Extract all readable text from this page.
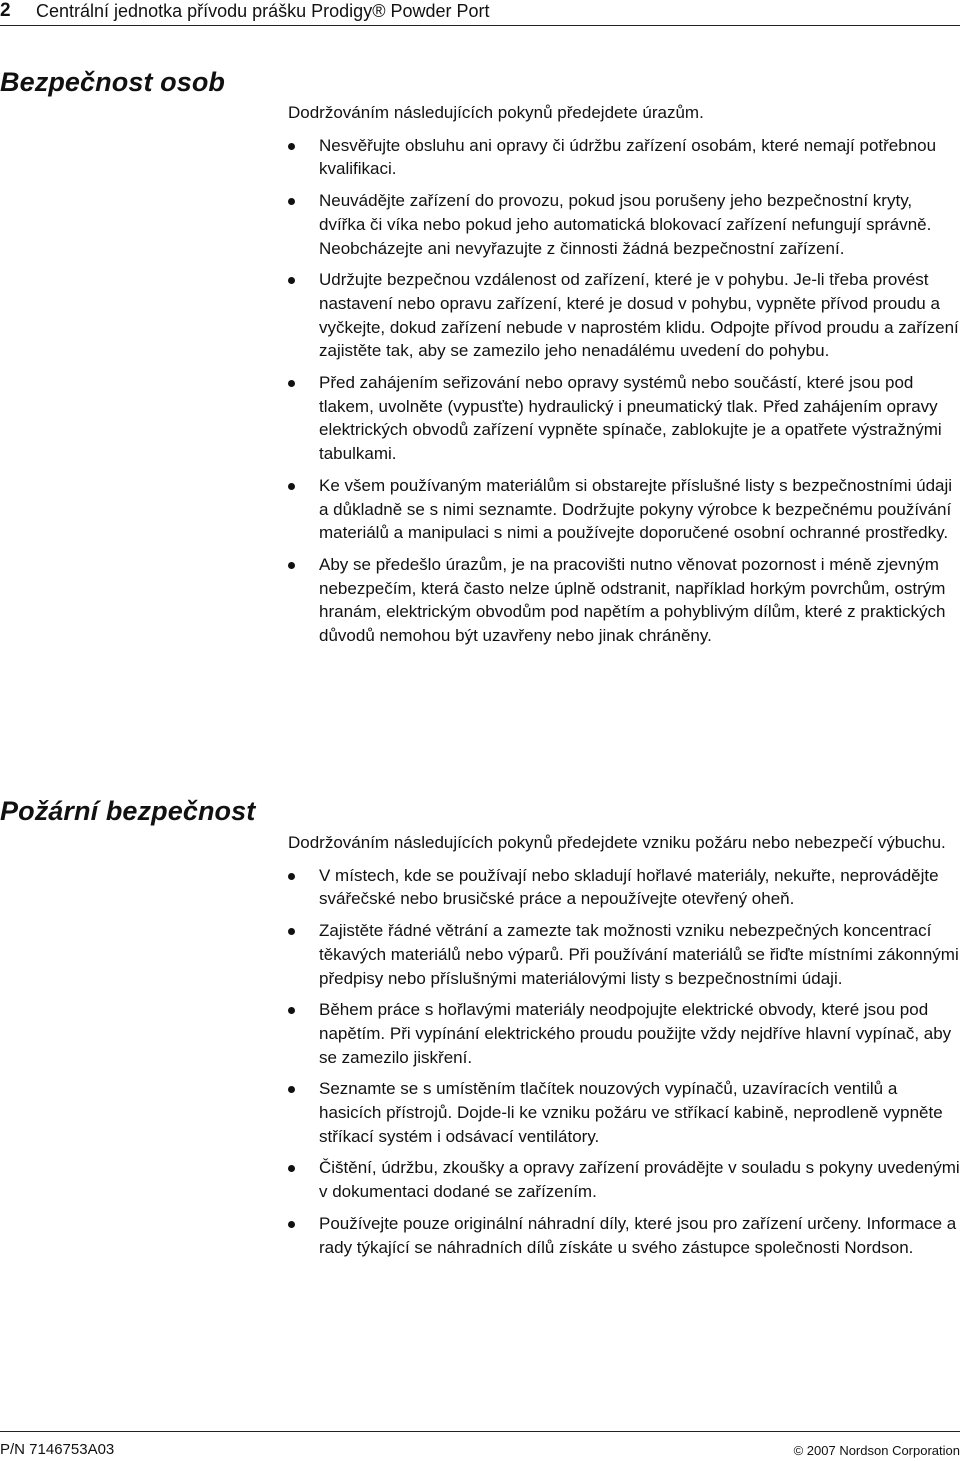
2 Centrální jednotka přívodu prášku Prodigy® Powder Port
Bezpečnost osob

Dodržováním následujících pokynů předejdete úrazům.

Nesvěřujte obsluhu ani opravy či údržbu zařízení osobám, které nemají potřebnou kvalifikaci.
Neuvádějte zařízení do provozu, pokud jsou porušeny jeho bezpečnostní kryty, dvířka či víka nebo pokud jeho automatická blokovací zařízení nefungují správně. Neobcházejte ani nevyřazujte z činnosti žádná bezpečnostní zařízení.
Udržujte bezpečnou vzdálenost od zařízení, které je v pohybu. Je-li třeba provést nastavení nebo opravu zařízení, které je dosud v pohybu, vypněte přívod proudu a vyčkejte, dokud zařízení nebude v naprostém klidu. Odpojte přívod proudu a zařízení zajistěte tak, aby se zamezilo jeho nenadálému uvedení do pohybu.
Před zahájením seřizování nebo opravy systémů nebo součástí, které jsou pod tlakem, uvolněte (vypusťte) hydraulický i pneumatický tlak. Před zahájením opravy elektrických obvodů zařízení vypněte spínače, zablokujte je a opatřete výstražnými tabulkami.
Ke všem používaným materiálům si obstarejte příslušné listy s bezpečnostními údaji a důkladně se s nimi seznamte. Dodržujte pokyny výrobce k bezpečnému používání materiálů a manipulaci s nimi a používejte doporučené osobní ochranné prostředky.
Aby se předešlo úrazům, je na pracovišti nutno věnovat pozornost i méně zjevným nebezpečím, která často nelze úplně odstranit, například horkým povrchům, ostrým hranám, elektrickým obvodům pod napětím a pohyblivým dílům, které z praktických důvodů nemohou být uzavřeny nebo jinak chráněny.
Požární bezpečnost

Dodržováním následujících pokynů předejdete vzniku požáru nebo nebezpečí výbuchu.

V místech, kde se používají nebo skladují hořlavé materiály, nekuřte, neprovádějte svářečské nebo brusičské práce a nepoužívejte otevřený oheň.
Zajistěte řádné větrání a zamezte tak možnosti vzniku nebezpečných koncentrací těkavých materiálů nebo výparů. Při používání materiálů se řiďte místními zákonnými předpisy nebo příslušnými materiálovými listy s bezpečnostními údaji.
Během práce s hořlavými materiály neodpojujte elektrické obvody, které jsou pod napětím. Při vypínání elektrického proudu použijte vždy nejdříve hlavní vypínač, aby se zamezilo jiskření.
Seznamte se s umístěním tlačítek nouzových vypínačů, uzavíracích ventilů a hasicích přístrojů. Dojde-li ke vzniku požáru ve stříkací kabině, neprodleně vypněte stříkací systém i odsávací ventilátory.
Čištění, údržbu, zkoušky a opravy zařízení provádějte v souladu s pokyny uvedenými v dokumentaci dodané se zařízením.
Používejte pouze originální náhradní díly, které jsou pro zařízení určeny. Informace a rady týkající se náhradních dílů získáte u svého zástupce společnosti Nordson.
P/N 7146753A03	© 2007 Nordson Corporation
